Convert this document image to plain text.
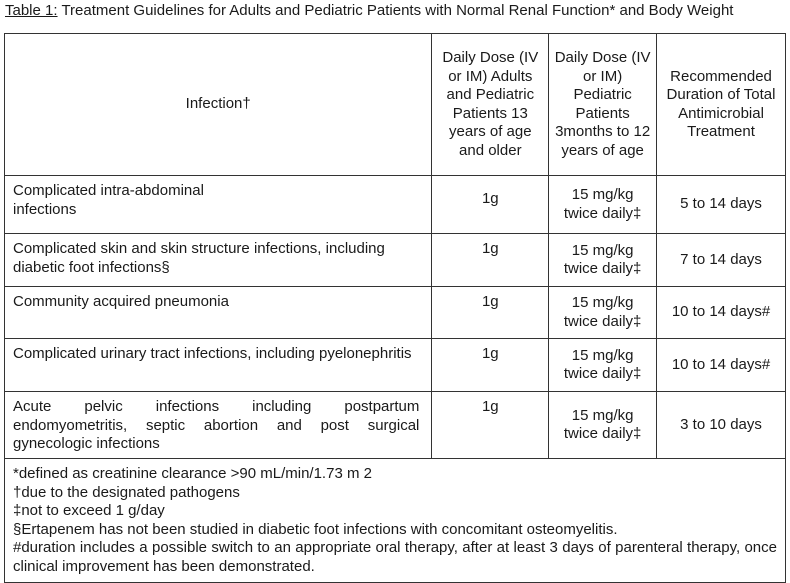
Table 1: Treatment Guidelines for Adults and Pediatric Patients with Normal Renal Function* and Body Weight
Infection†	Daily Dose (IV or IM) Adults and Pediatric Patients 13 years of age and older	Daily Dose (IV or IM) Pediatric Patients 3months to 12 years of age	Recommended Duration of Total Antimicrobial Treatment
Complicated intra-abdominal infections	1g	15 mg/kg twice daily‡	5 to 14 days
Complicated skin and skin structure infections, including diabetic foot infections§	1g	15 mg/kg twice daily‡	7 to 14 days
Community acquired pneumonia	1g	15 mg/kg twice daily‡	10 to 14 days#
Complicated urinary tract infections, including pyelonephritis	1g	15 mg/kg twice daily‡	10 to 14 days#
Acute pelvic infections including postpartum endomyometritis, septic abortion and post surgical gynecologic infections	1g	15 mg/kg twice daily‡	3 to 10 days

*defined as creatinine clearance >90 mL/min/1.73 m 2
†due to the designated pathogens
‡not to exceed 1 g/day
§Ertapenem has not been studied in diabetic foot infections with concomitant osteomyelitis.
#duration includes a possible switch to an appropriate oral therapy, after at least 3 days of parenteral therapy, once clinical improvement has been demonstrated.			
